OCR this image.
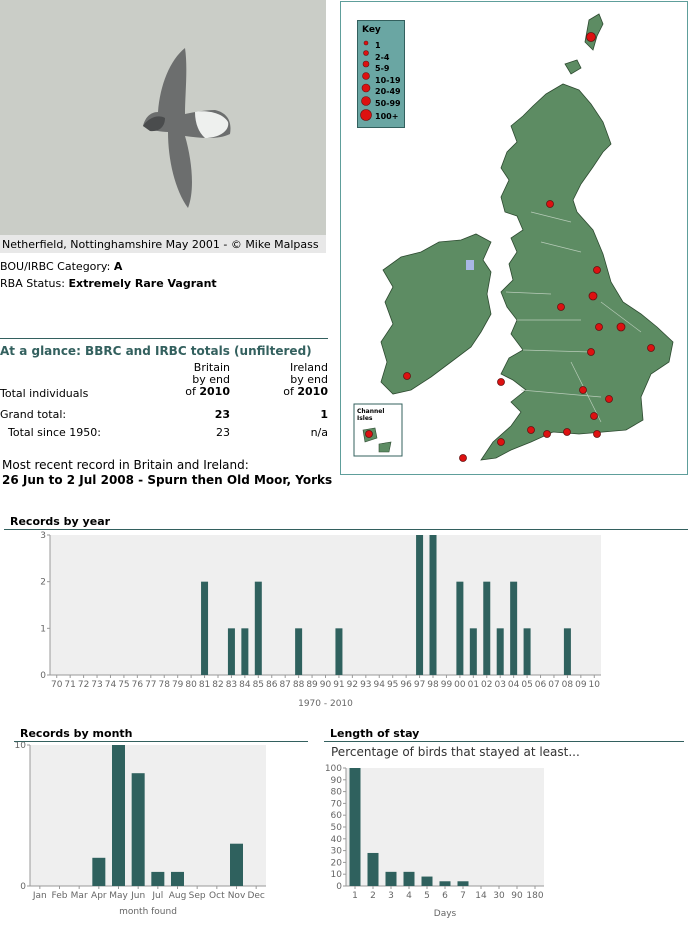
Netherfield, Nottinghamshire May 2001 - © Mike Malpass
BOU/IRBC Category: A
RBA Status: Extremely Rare Vagrant
At a glance: BBRC and IRBC totals (unfiltered)
Britain
by end
of 2010
Ireland
by end
of 2010
Total individuals
Grand total:	23	1
Total since 1950:	23	n/a
Most recent record in Britain and Ireland:
26 Jun to 2 Jul 2008 - Spurn then Old Moor, Yorks
Channel
Isles
Key
1
2-4
5-9
10-19
20-49
50-99
100+
Records by year
0
1
2
3
70 71 72 73 74 75 76 77 78 79 80 81 82 83 84 85 86 87 88 89 90 91 92 93 94 95 96 97 98 99 00 01 02 03 04 05 06 07 08 09 10
1970 - 2010
Records by month
0
10
Jan Feb Mar Apr May Jun Jul Aug Sep Oct Nov Dec
month found
Length of stay
Percentage of birds that stayed at least...
0
10
20
30
40
50
60
70
80
90
100
1 2 3 4 5 6 7 14 30 90 180
Days
